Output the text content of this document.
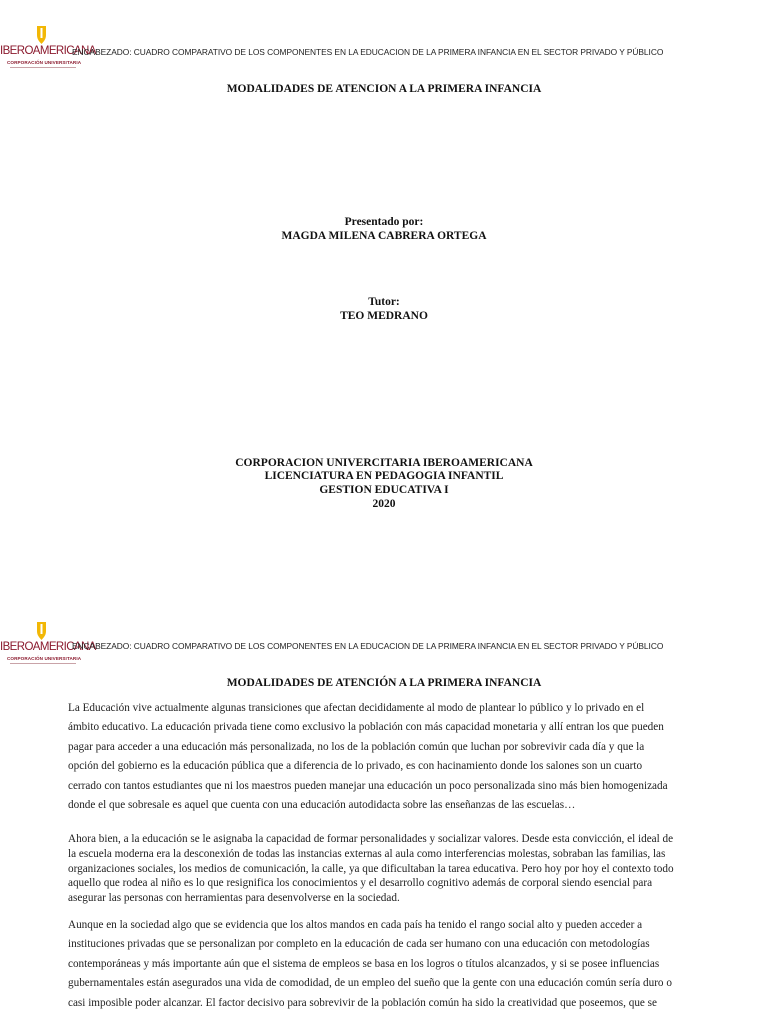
IBEROAMERICANA
CORPORACIÓN UNIVERSITARIA
ENCABEZADO: CUADRO COMPARATIVO DE LOS COMPONENTES EN LA EDUCACION DE LA PRIMERA INFANCIA EN EL SECTOR PRIVADO Y PÚBLICO
MODALIDADES DE ATENCION A LA PRIMERA INFANCIA
Presentado por:
MAGDA MILENA CABRERA ORTEGA
Tutor:
TEO MEDRANO
CORPORACION UNIVERCITARIA IBEROAMERICANA
LICENCIATURA EN PEDAGOGIA INFANTIL
GESTION EDUCATIVA I
2020
IBEROAMERICANA
CORPORACIÓN UNIVERSITARIA
ENCABEZADO: CUADRO COMPARATIVO DE LOS COMPONENTES EN LA EDUCACION DE LA PRIMERA INFANCIA EN EL SECTOR PRIVADO Y PÚBLICO
MODALIDADES DE ATENCIÓN A LA PRIMERA INFANCIA
La Educación vive actualmente algunas transiciones que afectan decididamente al modo de plantear lo público y lo privado en el
ámbito educativo. La educación privada tiene como exclusivo la población con más capacidad monetaria y allí entran los que pueden
pagar para acceder a una educación más personalizada, no los de la población común que luchan por sobrevivir cada día y que la
opción del gobierno es la educación pública que a diferencia de lo privado, es con hacinamiento donde los salones son un cuarto
cerrado con tantos estudiantes que ni los maestros pueden manejar una educación un poco personalizada sino más bien homogenizada
donde el que sobresale es aquel que cuenta con una educación autodidacta sobre las enseñanzas de las escuelas…
Ahora bien, a la educación se le asignaba la capacidad de formar personalidades y socializar valores. Desde esta convicción, el ideal de
la escuela moderna era la desconexión de todas las instancias externas al aula como interferencias molestas, sobraban las familias, las
organizaciones sociales, los medios de comunicación, la calle, ya que dificultaban la tarea educativa. Pero hoy por hoy el contexto todo
aquello que rodea al niño es lo que resignifica los conocimientos y el desarrollo cognitivo además de corporal siendo esencial para
asegurar las personas con herramientas para desenvolverse en la sociedad.
Aunque en la sociedad algo que se evidencia que los altos mandos en cada país ha tenido el rango social alto y pueden acceder a
instituciones privadas que se personalizan por completo en la educación de cada ser humano con una educación con metodologías
contemporáneas y más importante aún que el sistema de empleos se basa en los logros o títulos alcanzados, y si se posee influencias
gubernamentales están asegurados una vida de comodidad, de un empleo del sueño que la gente con una educación común sería duro o
casi imposible poder alcanzar. El factor decisivo para sobrevivir de la población común ha sido la creatividad que poseemos, que se
